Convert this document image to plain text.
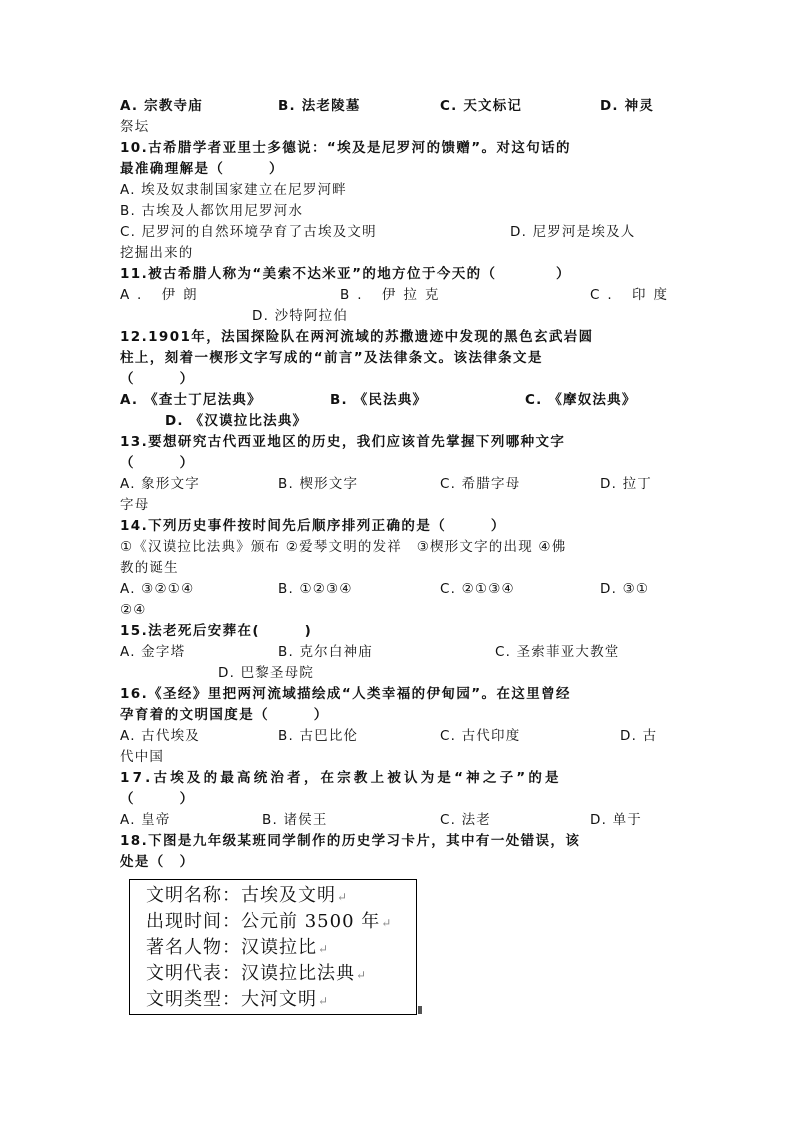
A. 宗教寺庙	B. 法老陵墓	C. 天文标记	D. 神灵
祭坛
10.古希腊学者亚里士多德说：“埃及是尼罗河的馈赠”。对这句话的
最准确理解是（　　　）
A. 埃及奴隶制国家建立在尼罗河畔
B. 古埃及人都饮用尼罗河水
C. 尼罗河的自然环境孕育了古埃及文明	D. 尼罗河是埃及人
挖掘出来的
11.被古希腊人称为“美索不达米亚”的地方位于今天的（　　　　）
A. 伊朗	B. 伊拉克	C. 印度
D. 沙特阿拉伯
12.1901年，法国探险队在两河流域的苏撒遗迹中发现的黑色玄武岩圆
柱上，刻着一楔形文字写成的“前言”及法律条文。该法律条文是
（　　　）
A. 《查士丁尼法典》	B. 《民法典》	C. 《摩奴法典》
D. 《汉谟拉比法典》
13.要想研究古代西亚地区的历史，我们应该首先掌握下列哪种文字
（　　　）
A. 象形文字	B. 楔形文字	C. 希腊字母	D. 拉丁
字母
14.下列历史事件按时间先后顺序排列正确的是（　　　）
①《汉谟拉比法典》颁布 ②爱琴文明的发祥　③楔形文字的出现 ④佛
教的诞生
A. ③②①④	B. ①②③④	C. ②①③④	D. ③①
②④
15.法老死后安葬在(　　　)
A. 金字塔	B. 克尔白神庙	C. 圣索菲亚大教堂
D. 巴黎圣母院
16.《圣经》里把两河流域描绘成“人类幸福的伊甸园”。在这里曾经
孕育着的文明国度是（　　　）
A. 古代埃及	B. 古巴比伦	C. 古代印度	D. 古
代中国
17.古埃及的最高统治者，在宗教上被认为是“神之子”的是
（　　　）
A. 皇帝	B. 诸侯王	C. 法老	D. 单于
18.下图是九年级某班同学制作的历史学习卡片，其中有一处错误，该
处是（　）
文明名称：古埃及文明↵
出现时间：公元前 3500 年↵
著名人物：汉谟拉比↵
文明代表：汉谟拉比法典↵
文明类型：大河文明↵
